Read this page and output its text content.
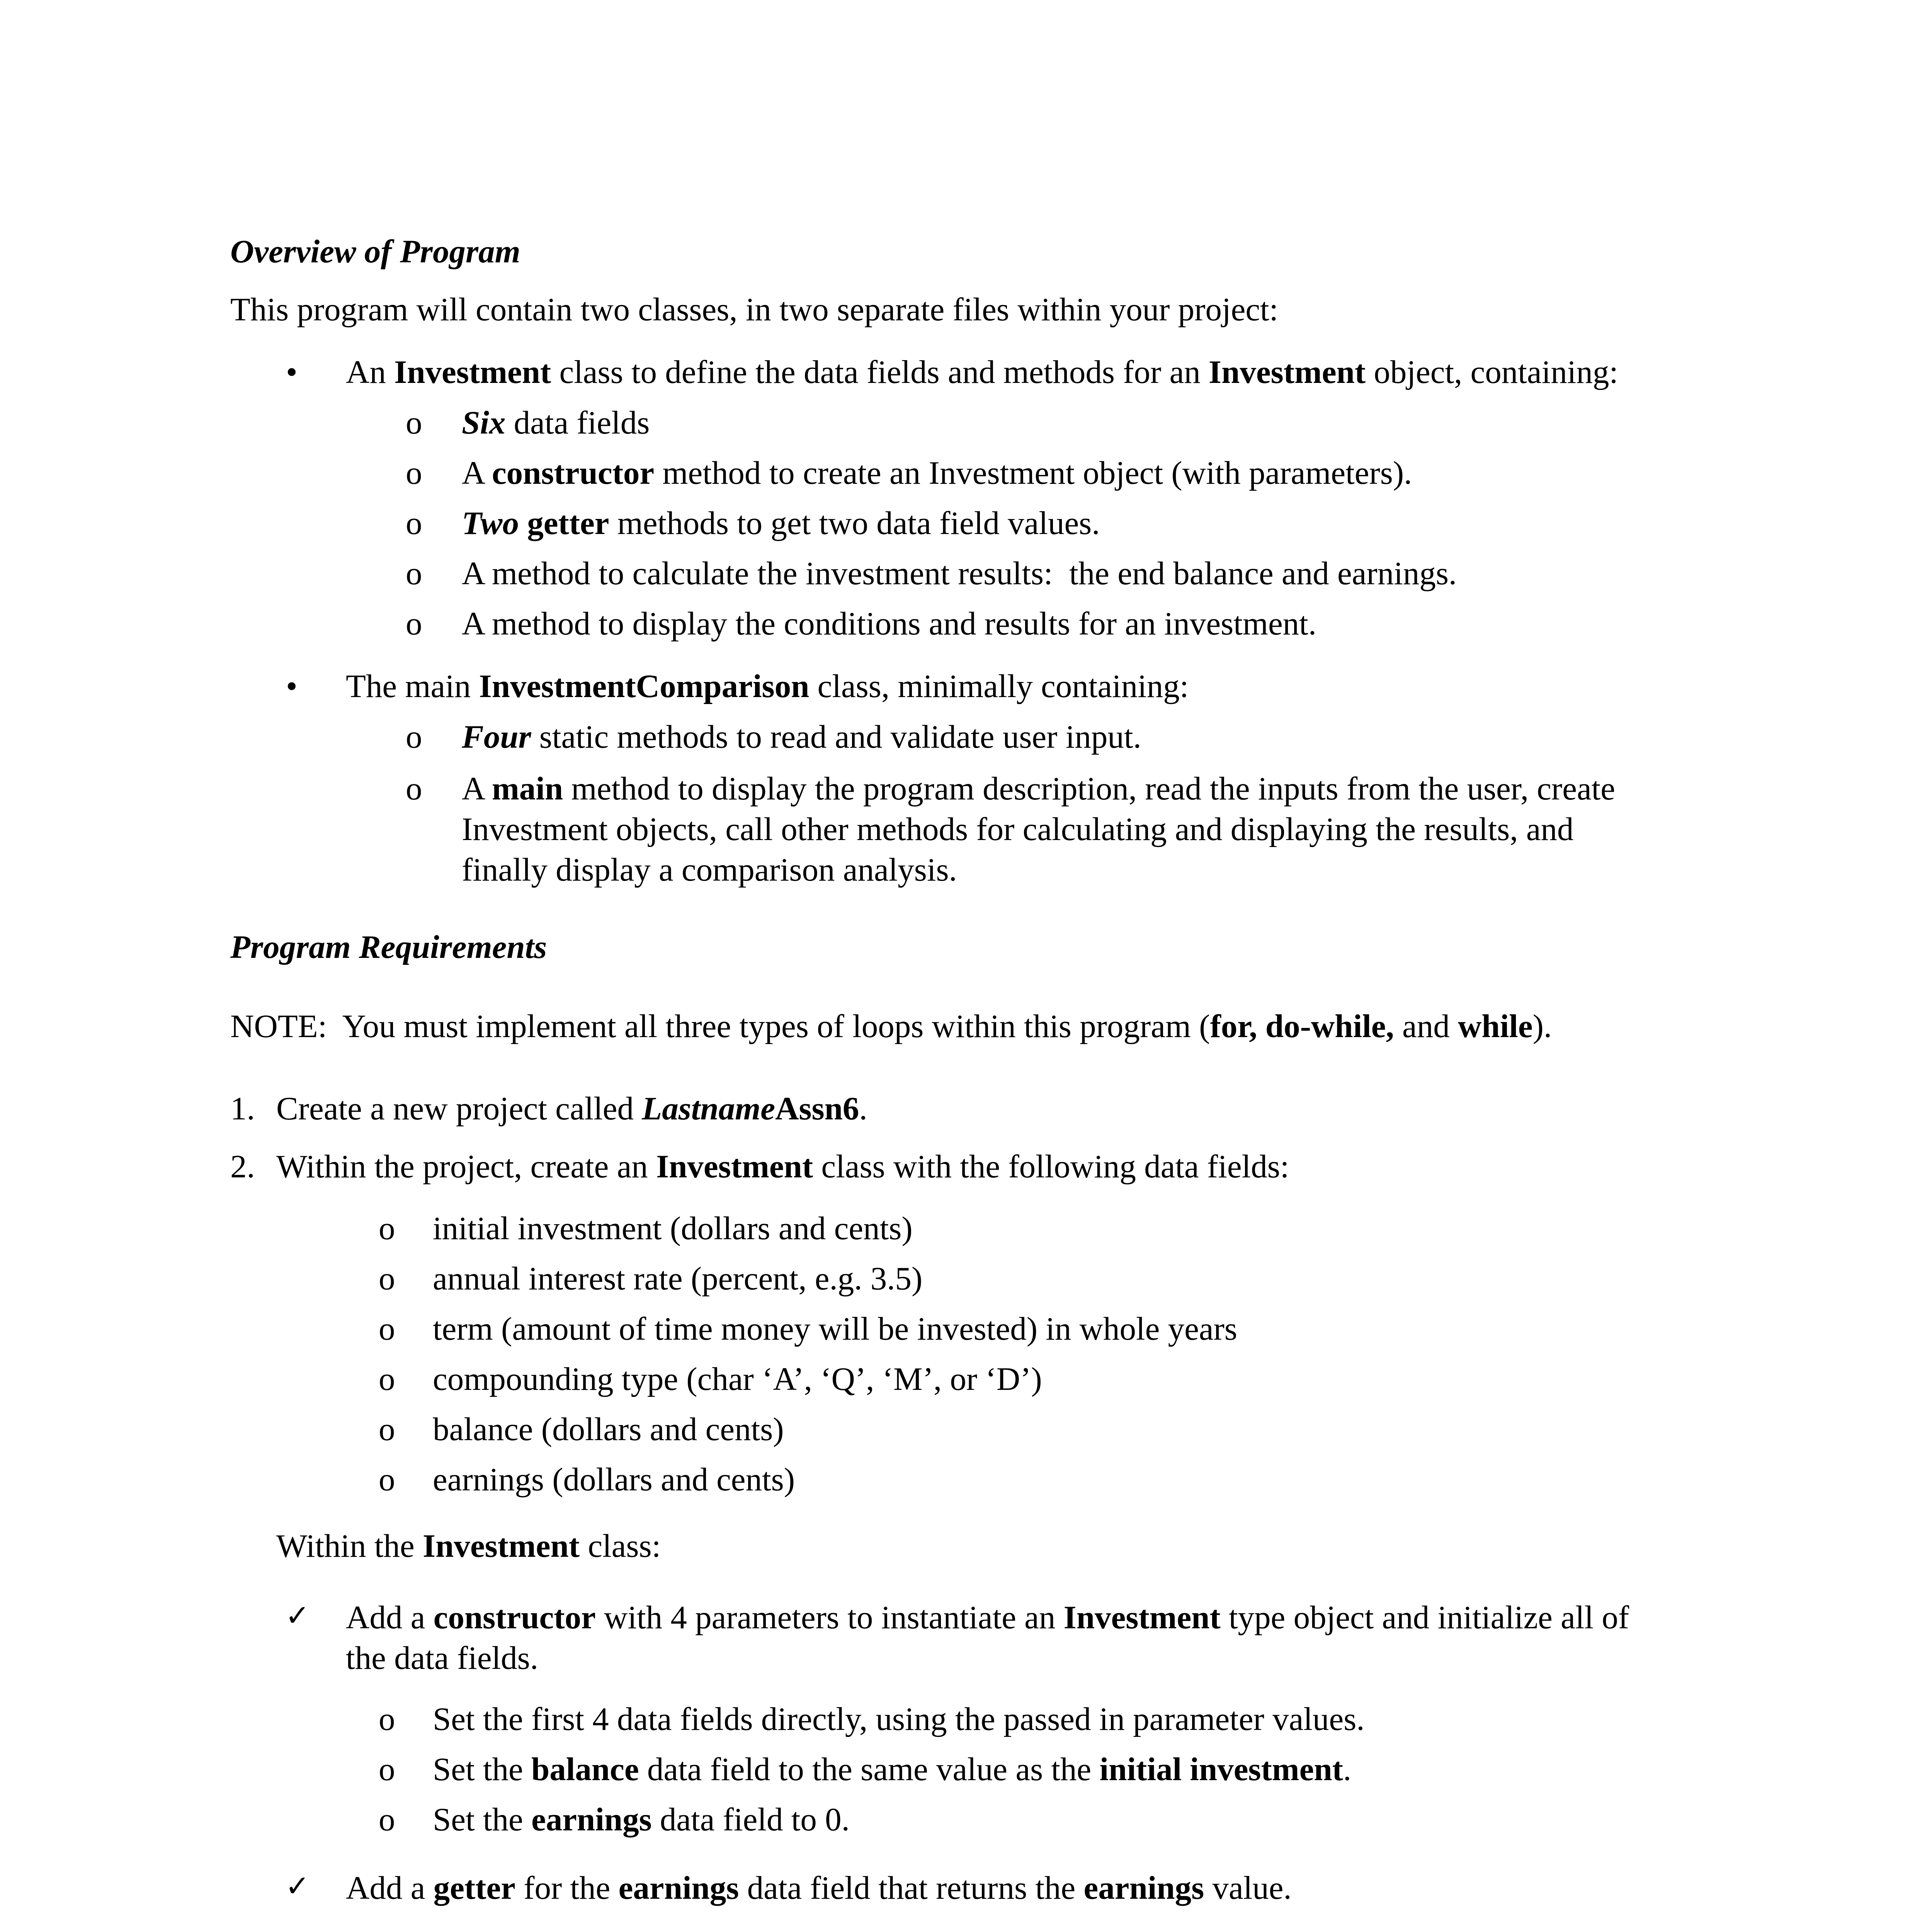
Overview of Program
This program will contain two classes, in two separate files within your project:
•
An Investment class to define the data fields and methods for an Investment object, containing:
o
Six data fields
o
A constructor method to create an Investment object (with parameters).
o
Two getter methods to get two data field values.
o
A method to calculate the investment results:  the end balance and earnings.
o
A method to display the conditions and results for an investment.
•
The main InvestmentComparison class, minimally containing:
o
Four static methods to read and validate user input.
o
A main method to display the program description, read the inputs from the user, create
Investment objects, call other methods for calculating and displaying the results, and
finally display a comparison analysis.
Program Requirements
NOTE:  You must implement all three types of loops within this program (for, do-while, and while).
1. Create a new project called LastnameAssn6.
2. Within the project, create an Investment class with the following data fields:
o
initial investment (dollars and cents)
o
annual interest rate (percent, e.g. 3.5)
o
term (amount of time money will be invested) in whole years
o
compounding type (char ‘A’, ‘Q’, ‘M’, or ‘D’)
o
balance (dollars and cents)
o
earnings (dollars and cents)
Within the Investment class:
✓
Add a constructor with 4 parameters to instantiate an Investment type object and initialize all of
the data fields.
o
Set the first 4 data fields directly, using the passed in parameter values.
o
Set the balance data field to the same value as the initial investment.
o
Set the earnings data field to 0.
✓
Add a getter for the earnings data field that returns the earnings value.
